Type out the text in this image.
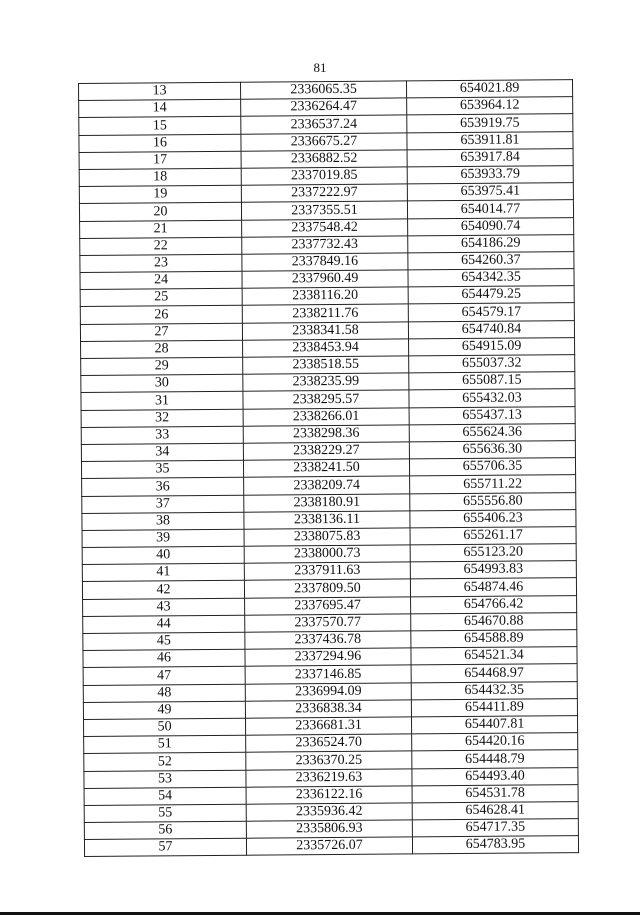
81
13	2336065.35	654021.89
14	2336264.47	653964.12
15	2336537.24	653919.75
16	2336675.27	653911.81
17	2336882.52	653917.84
18	2337019.85	653933.79
19	2337222.97	653975.41
20	2337355.51	654014.77
21	2337548.42	654090.74
22	2337732.43	654186.29
23	2337849.16	654260.37
24	2337960.49	654342.35
25	2338116.20	654479.25
26	2338211.76	654579.17
27	2338341.58	654740.84
28	2338453.94	654915.09
29	2338518.55	655037.32
30	2338235.99	655087.15
31	2338295.57	655432.03
32	2338266.01	655437.13
33	2338298.36	655624.36
34	2338229.27	655636.30
35	2338241.50	655706.35
36	2338209.74	655711.22
37	2338180.91	655556.80
38	2338136.11	655406.23
39	2338075.83	655261.17
40	2338000.73	655123.20
41	2337911.63	654993.83
42	2337809.50	654874.46
43	2337695.47	654766.42
44	2337570.77	654670.88
45	2337436.78	654588.89
46	2337294.96	654521.34
47	2337146.85	654468.97
48	2336994.09	654432.35
49	2336838.34	654411.89
50	2336681.31	654407.81
51	2336524.70	654420.16
52	2336370.25	654448.79
53	2336219.63	654493.40
54	2336122.16	654531.78
55	2335936.42	654628.41
56	2335806.93	654717.35
57	2335726.07	654783.95
